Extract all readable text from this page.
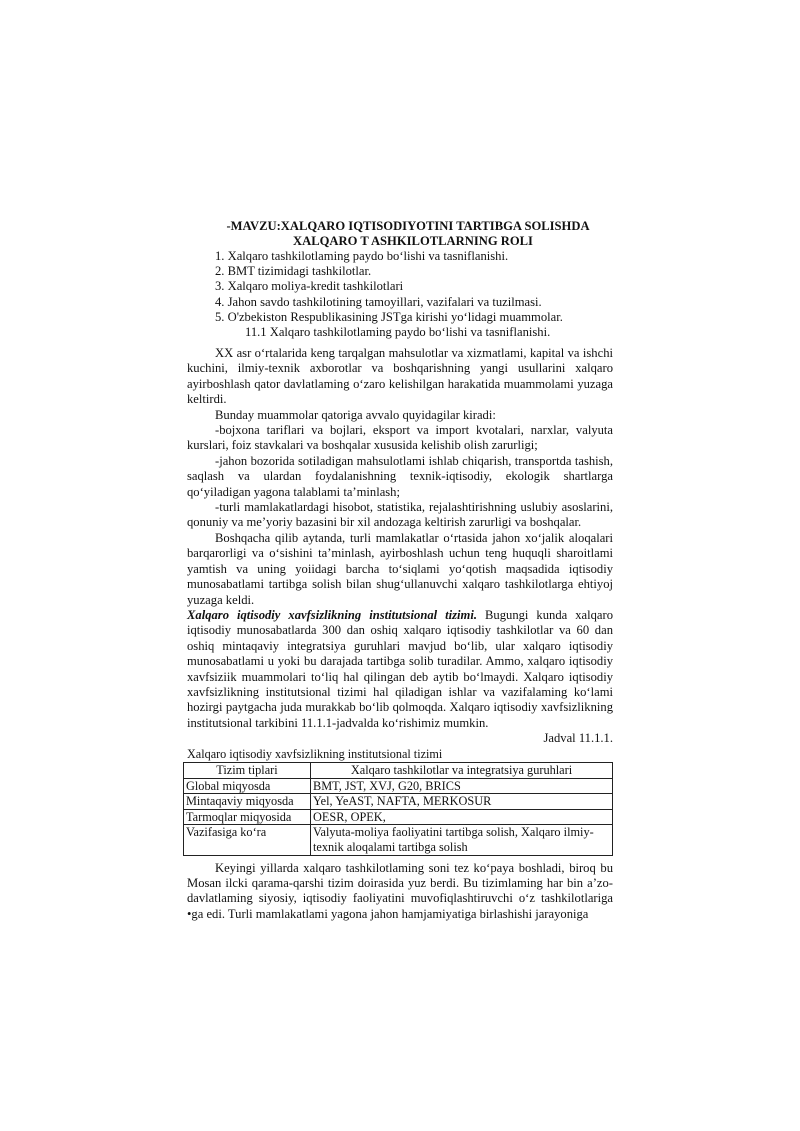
-MAVZU:XALQARO IQTISODIYOTINI TARTIBGA SOLISHDA
XALQARO T ASHKILOTLARNING ROLI
1. Xalqaro tashkilotlaming paydo bo‘lishi va tasniflanishi.
2. BMT tizimidagi tashkilotlar.
3. Xalqaro moliya-kredit tashkilotlari
4. Jahon savdo tashkilotining tamoyillari, vazifalari va tuzilmasi.
5. O'zbekiston Respublikasining JSTga kirishi yo‘lidagi muammolar.
11.1 Xalqaro tashkilotlaming paydo bo‘lishi va tasniflanishi.

XX asr o‘rtalarida keng tarqalgan mahsulotlar va xizmatlami, kapital va ishchi kuchini, ilmiy-texnik axborotlar va boshqarishning yangi usullarini xalqaro ayirboshlash qator davlatlaming o‘zaro kelishilgan harakatida muammolami yuzaga keltirdi.

Bunday muammolar qatoriga avvalo quyidagilar kiradi:

-bojxona tariflari va bojlari, eksport va import kvotalari, narxlar, valyuta kurslari, foiz stavkalari va boshqalar xususida kelishib olish zarurligi;

-jahon bozorida sotiladigan mahsulotlami ishlab chiqarish, transportda tashish, saqlash va ulardan foydalanishning texnik-iqtisodiy, ekologik shartlarga qo‘yiladigan yagona talablami ta’minlash;

-turli mamlakatlardagi hisobot, statistika, rejalashtirishning uslubiy asoslarini, qonuniy va me’yoriy bazasini bir xil andozaga keltirish zarurligi va boshqalar.

Boshqacha qilib aytanda, turli mamlakatlar o‘rtasida jahon xo‘jalik aloqalari barqarorligi va o‘sishini ta’minlash, ayirboshlash uchun teng huquqli sharoitlami yamtish va uning yoiidagi barcha to‘siqlami yo‘qotish maqsadida iqtisodiy munosabatlami tartibga solish bilan shug‘ullanuvchi xalqaro tashkilotlarga ehtiyoj yuzaga keldi.

Xalqaro iqtisodiy xavfsizlikning institutsional tizimi. Bugungi kunda xalqaro iqtisodiy munosabatlarda 300 dan oshiq xalqaro iqtisodiy tashkilotlar va 60 dan oshiq mintaqaviy integratsiya guruhlari mavjud bo‘lib, ular xalqaro iqtisodiy munosabatlami u yoki bu darajada tartibga solib turadilar. Ammo, xalqaro iqtisodiy xavfsiziik muammolari to‘liq hal qilingan deb aytib bo‘lmaydi. Xalqaro iqtisodiy xavfsizlikning institutsional tizimi hal qiladigan ishlar va vazifalaming ko‘lami hozirgi paytgacha juda murakkab bo‘lib qolmoqda. Xalqaro iqtisodiy xavfsizlikning institutsional tarkibini 11.1.1-jadvalda ko‘rishimiz mumkin.

Jadval 11.1.1.

Xalqaro iqtisodiy xavfsizlikning institutsional tizimi

Tizim tiplari	Xalqaro tashkilotlar va integratsiya guruhlari
Global miqyosda	BMT, JST, XVJ, G20, BRICS
Mintaqaviy miqyosda	Yel, YeAST, NAFTA, MERKOSUR
Tarmoqlar miqyosida	OESR, OPEK,
Vazifasiga ko‘ra	Valyuta-moliya faoliyatini tartibga solish, Xalqaro ilmiy-texnik aloqalami tartibga solish

Keyingi yillarda xalqaro tashkilotlaming soni tez ko‘paya boshladi, biroq bu Mosan ilcki qarama-qarshi tizim doirasida yuz berdi. Bu tizimlaming har bin a’zo-davlatlaming siyosiy, iqtisodiy faoliyatini muvofiqlashtiruvchi o‘z tashkilotlariga •ga edi. Turli mamlakatlami yagona jahon hamjamiyatiga birlashishi jarayoniga
